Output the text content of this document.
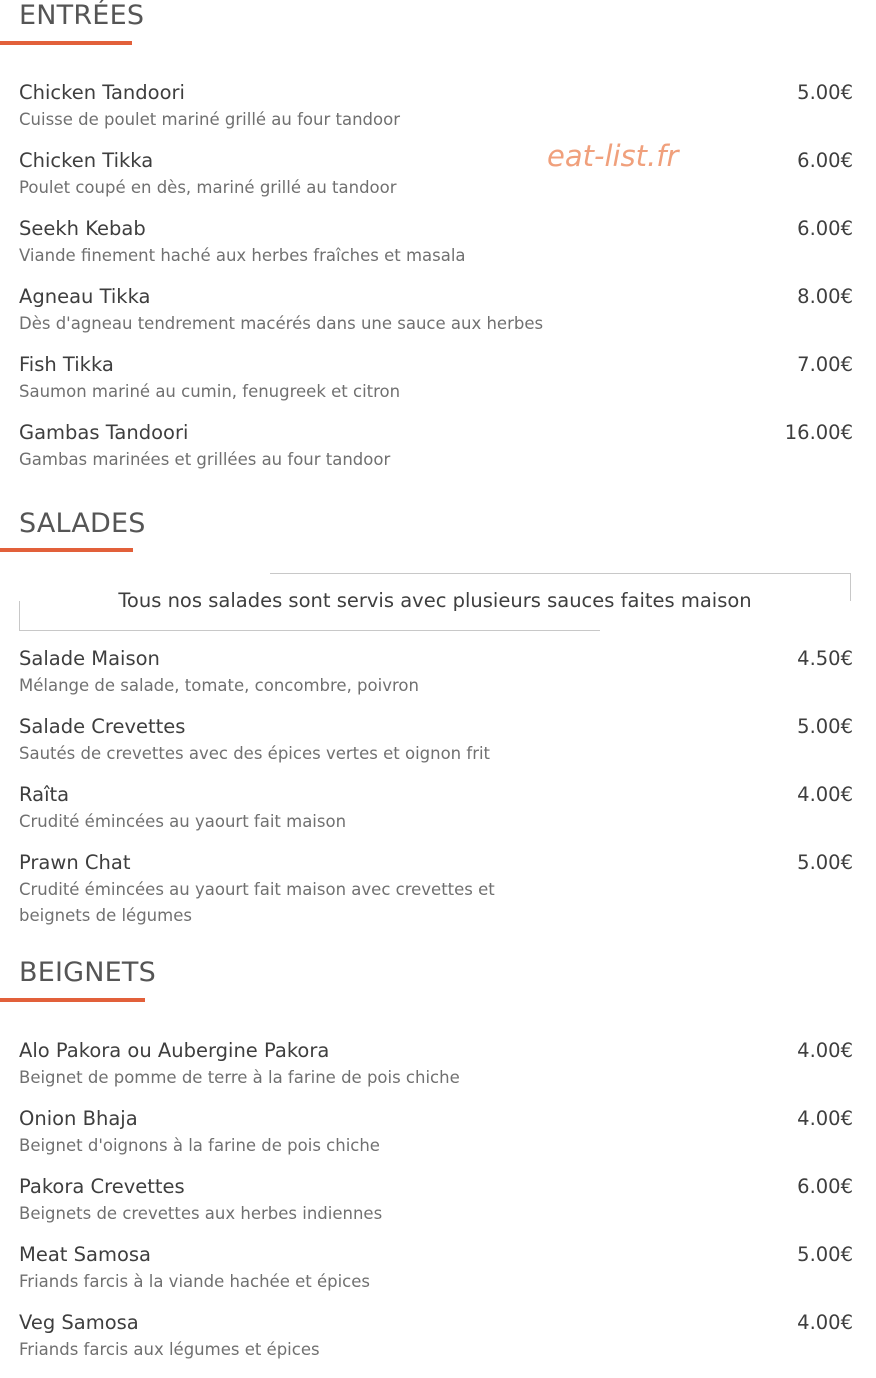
ENTRÉES
Chicken Tandoori
Cuisse de poulet mariné grillé au four tandoor
5.00€
Chicken Tikka
Poulet coupé en dès, mariné grillé au tandoor
6.00€
Seekh Kebab
Viande finement haché aux herbes fraîches et masala
6.00€
Agneau Tikka
Dès d'agneau tendrement macérés dans une sauce aux herbes
8.00€
Fish Tikka
Saumon mariné au cumin, fenugreek et citron
7.00€
Gambas Tandoori
Gambas marinées et grillées au four tandoor
16.00€
eat-list.fr
SALADES
Tous nos salades sont servis avec plusieurs sauces faites maison
Salade Maison
Mélange de salade, tomate, concombre, poivron
4.50€
Salade Crevettes
Sautés de crevettes avec des épices vertes et oignon frit
5.00€
Raîta
Crudité émincées au yaourt fait maison
4.00€
Prawn Chat
Crudité émincées au yaourt fait maison avec crevettes et
beignets de légumes
5.00€
BEIGNETS
Alo Pakora ou Aubergine Pakora
Beignet de pomme de terre à la farine de pois chiche
4.00€
Onion Bhaja
Beignet d'oignons à la farine de pois chiche
4.00€
Pakora Crevettes
Beignets de crevettes aux herbes indiennes
6.00€
Meat Samosa
Friands farcis à la viande hachée et épices
5.00€
Veg Samosa
Friands farcis aux légumes et épices
4.00€
